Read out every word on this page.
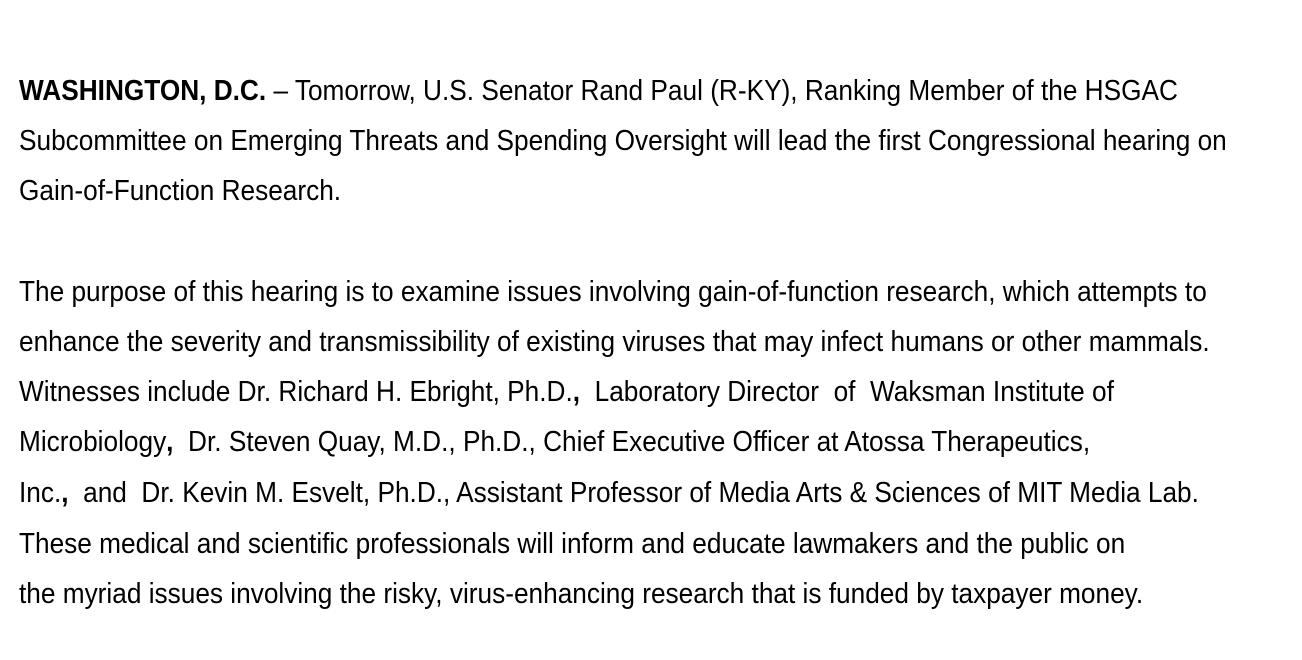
WASHINGTON, D.C. – Tomorrow, U.S. Senator Rand Paul (R-KY), Ranking Member of the HSGAC
Subcommittee on Emerging Threats and Spending Oversight will lead the first Congressional hearing on
Gain-of-Function Research.
The purpose of this hearing is to examine issues involving gain-of-function research, which attempts to
enhance the severity and transmissibility of existing viruses that may infect humans or other mammals.
Witnesses include Dr. Richard H. Ebright, Ph.D.,  Laboratory Director  of  Waksman Institute of
Microbiology,  Dr. Steven Quay, M.D., Ph.D., Chief Executive Officer at Atossa Therapeutics,
Inc.,  and  Dr. Kevin M. Esvelt, Ph.D., Assistant Professor of Media Arts & Sciences of MIT Media Lab.
These medical and scientific professionals will inform and educate lawmakers and the public on
the myriad issues involving the risky, virus-enhancing research that is funded by taxpayer money.
